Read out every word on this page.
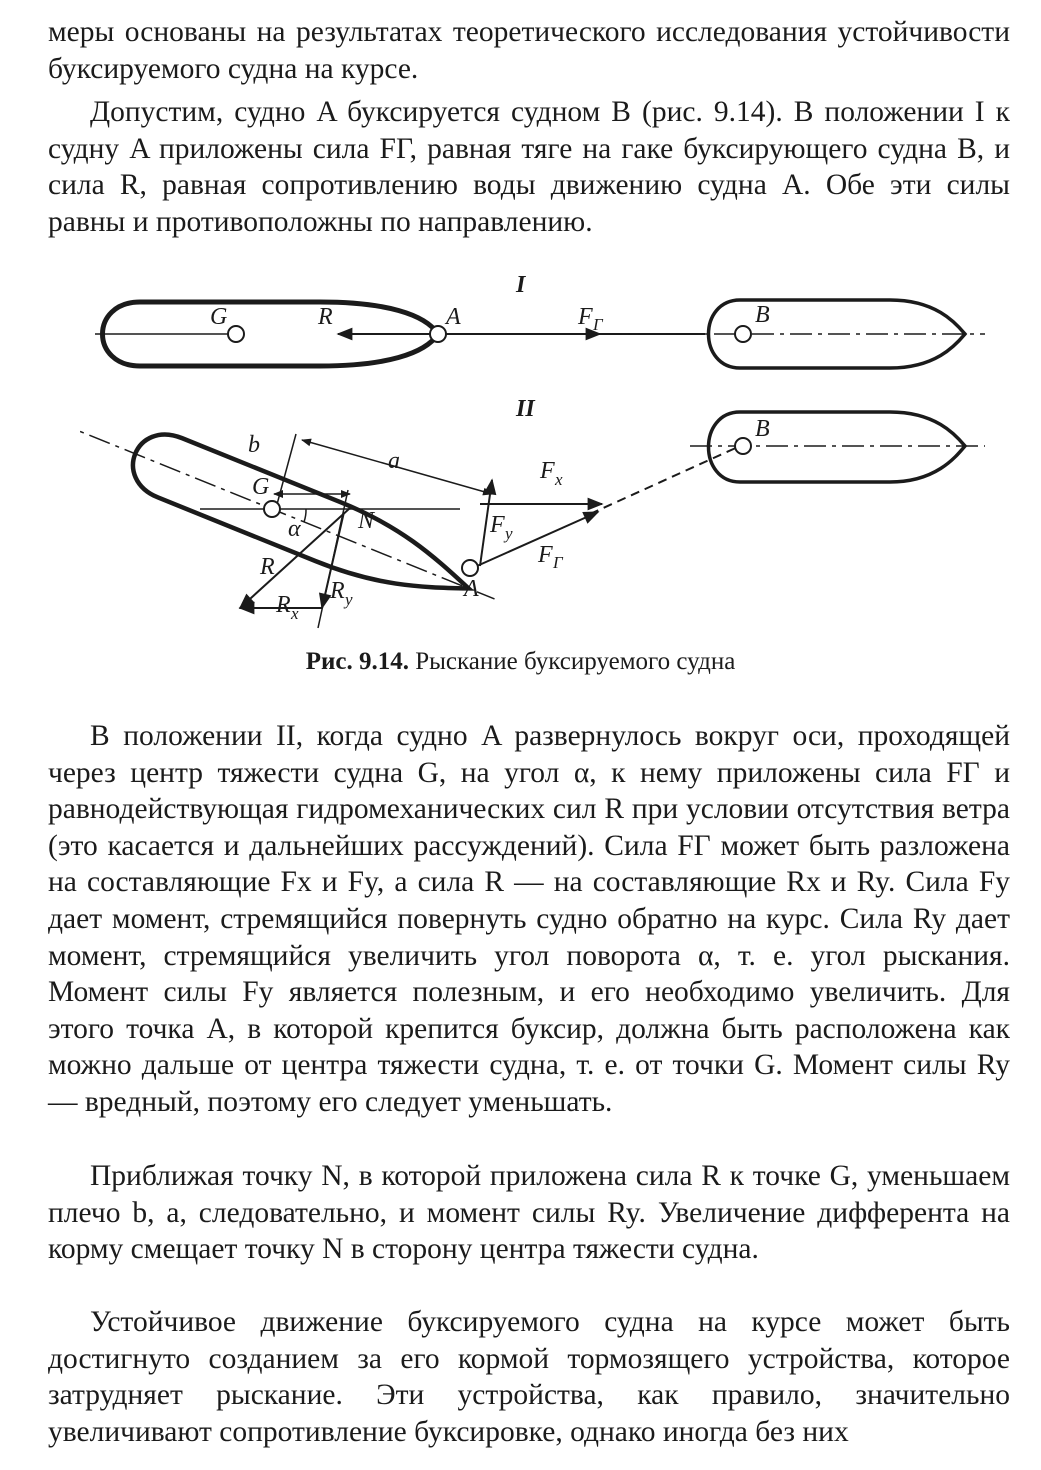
меры основаны на результатах теоретического исследования устойчивости буксируемого судна на курсе.

Допустим, судно A буксируется судном B (рис. 9.14). В положении I к судну A приложены сила FГ, равная тяге на гаке буксирующего судна B, и сила R, равная сопротивлению воды движению судна A. Обе эти силы равны и противоположны по направлению.

I
G	R	A	F Г	B
II
B
b
a
G
α N
R
R x
R y	A
F x
F y
F Г
Рис. 9.14. Рыскание буксируемого судна

В положении II, когда судно A развернулось вокруг оси, проходящей через центр тяжести судна G, на угол α, к нему приложены сила FГ и равнодействующая гидромеханических сил R при условии отсутствия ветра (это касается и дальнейших рассуждений). Сила FГ может быть разложена на составляющие Fx и Fy, а сила R — на составляющие Rx и Ry. Сила Fy дает момент, стремящийся повернуть судно обратно на курс. Сила Ry дает момент, стремящийся увеличить угол поворота α, т. е. угол рыскания. Момент силы Fy является полезным, и его необходимо увеличить. Для этого точка A, в которой крепится буксир, должна быть расположена как можно дальше от центра тяжести судна, т. е. от точки G. Момент силы Ry — вредный, поэтому его следует уменьшать.

Приближая точку N, в которой приложена сила R к точке G, уменьшаем плечо b, а, следовательно, и момент силы Ry. Увеличение дифферента на корму смещает точку N в сторону центра тяжести судна.

Устойчивое движение буксируемого судна на курсе может быть достигнуто созданием за его кормой тормозящего устройства, которое затрудняет рыскание. Эти устройства, как правило, значительно увеличивают сопротивление буксировке, однако иногда без них
